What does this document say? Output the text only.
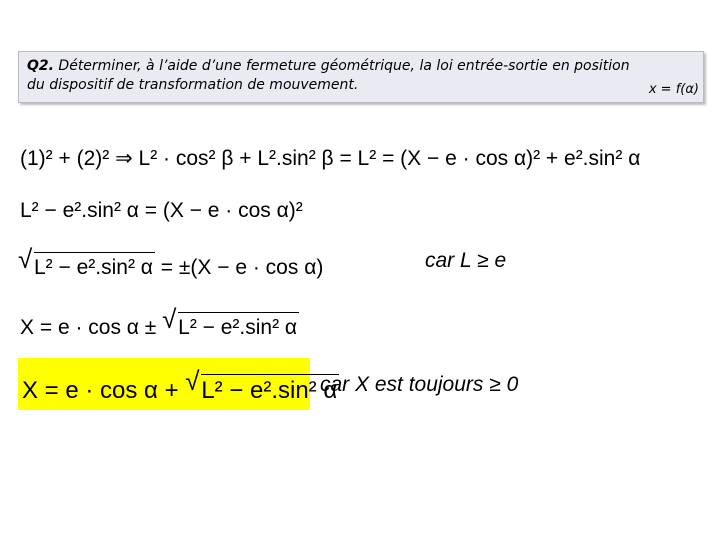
Q2. Déterminer, à l’aide d’une fermeture géométrique, la loi entrée-sortie en position
du dispositif de transformation de mouvement.	x = f(α)
(1)² + (2)² ⇒ L² · cos² β + L².sin² β = L² = (X − e · cos α)² + e².sin² α
L² − e².sin² α = (X − e · cos α)²
√ L² − e².sin² α = ±(X − e · cos α)	car L ≥ e
X = e · cos α ± √ L² − e².sin² α
X = e · cos α + √ L² − e².sin² α
car X est toujours ≥ 0
